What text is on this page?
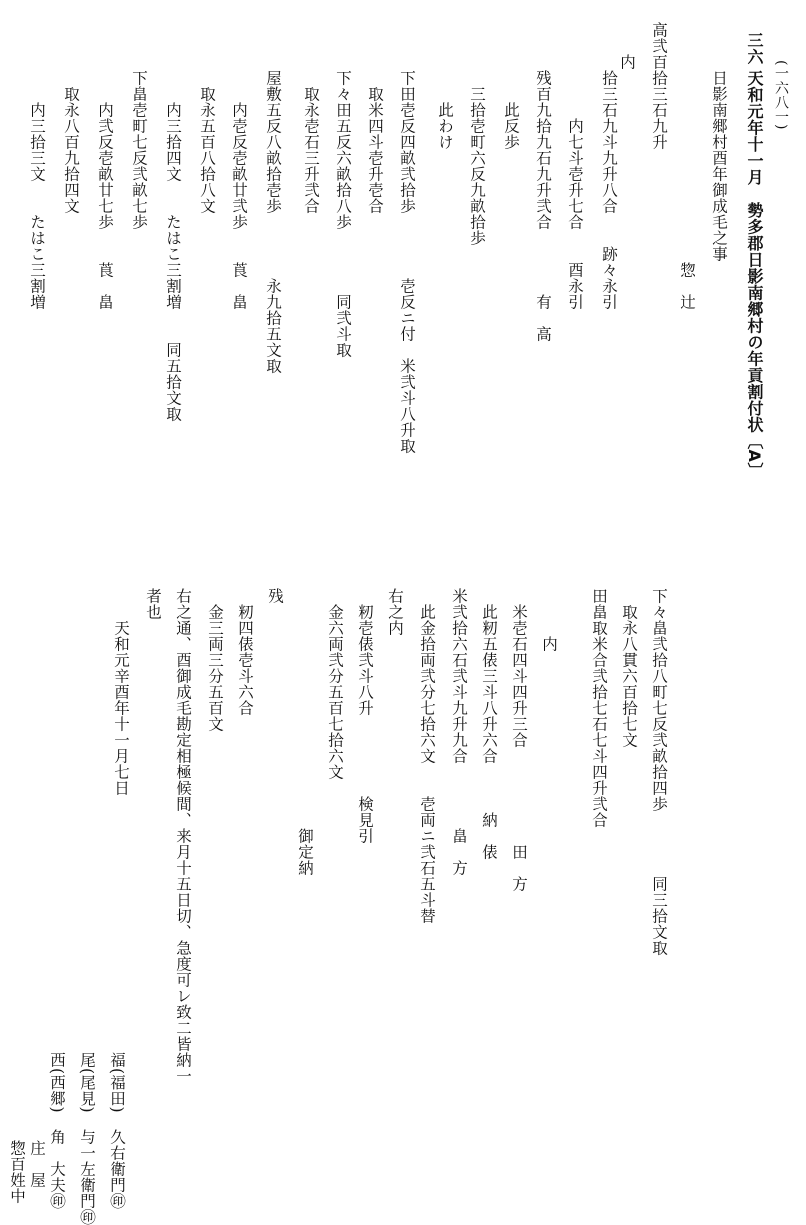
(一六八一)
三六
天和元年十一月　勢多郡日影南郷村の年貢割付状〔A〕
日影南郷村酉年御成毛之事
　　　　　　　　　　　　惣　辻
高弐百拾三石九升
　　内
拾三石九斗九升八合　　跡々永引
　　　内七斗壱升七合　　酉永引
残百九拾九石九升弐合　　　　有　高
　　此反歩
　三拾壱町六反九畝拾歩
　　此わけ
下田壱反四畝弐拾歩　　　　壱反ニ付　米弐斗八升取
　取米四斗壱升壱合
下々田五反六畝拾八歩　　　　同弐斗取
　取永壱石三升弐合
屋敷五反八畝拾壱歩　　　　永九拾五文取
　　内壱反壱畝廿弐歩　　莨　畠
　取永五百八拾八文
　　内三拾四文　　たはこ三割増　　同五拾文取
下畠壱町七反弐畝七歩
　　内弐反壱畝廿七歩　　莨　畠
　取永八百九拾四文
　　内三拾三文　　たはこ三割増
下々畠弐拾八町七反弐畝拾四歩　　　　同三拾文取
　取永八貫六百拾七文
田畠取米合弐拾七石七斗四升弐合
　　　内
　米壱石四斗四升三合　　　　　　田　方
　此籾五俵三斗八升六合　　　納　俵
米弐拾六石弐斗九升九合　　　　畠　方
　此金拾両弐分七拾六文　　壱両ニ弐石五斗替
右之内
　籾壱俵弐斗八升　　　　　検見引
　金六両弐分五百七拾六文
　　　　　　　　　　　　　　　御定納
残
　籾四俵壱斗六合
　金三両三分五百文
右之通、酉御成毛勘定相極候間、来月十五日切、急度可レ致二皆納一
者也
　　天和元辛酉年十一月七日
　　　　　　　　　　　　福(福田)　久右衛門㊞
　　　　　　　　　　　　尾(尾見)　与一左衛門㊞
　　　　　　　　　　　　西(西郷)　角　大夫㊞
　　　　　　　　　　　　　　　庄　屋
　　　　　　　　　　　　　　　惣百姓中
